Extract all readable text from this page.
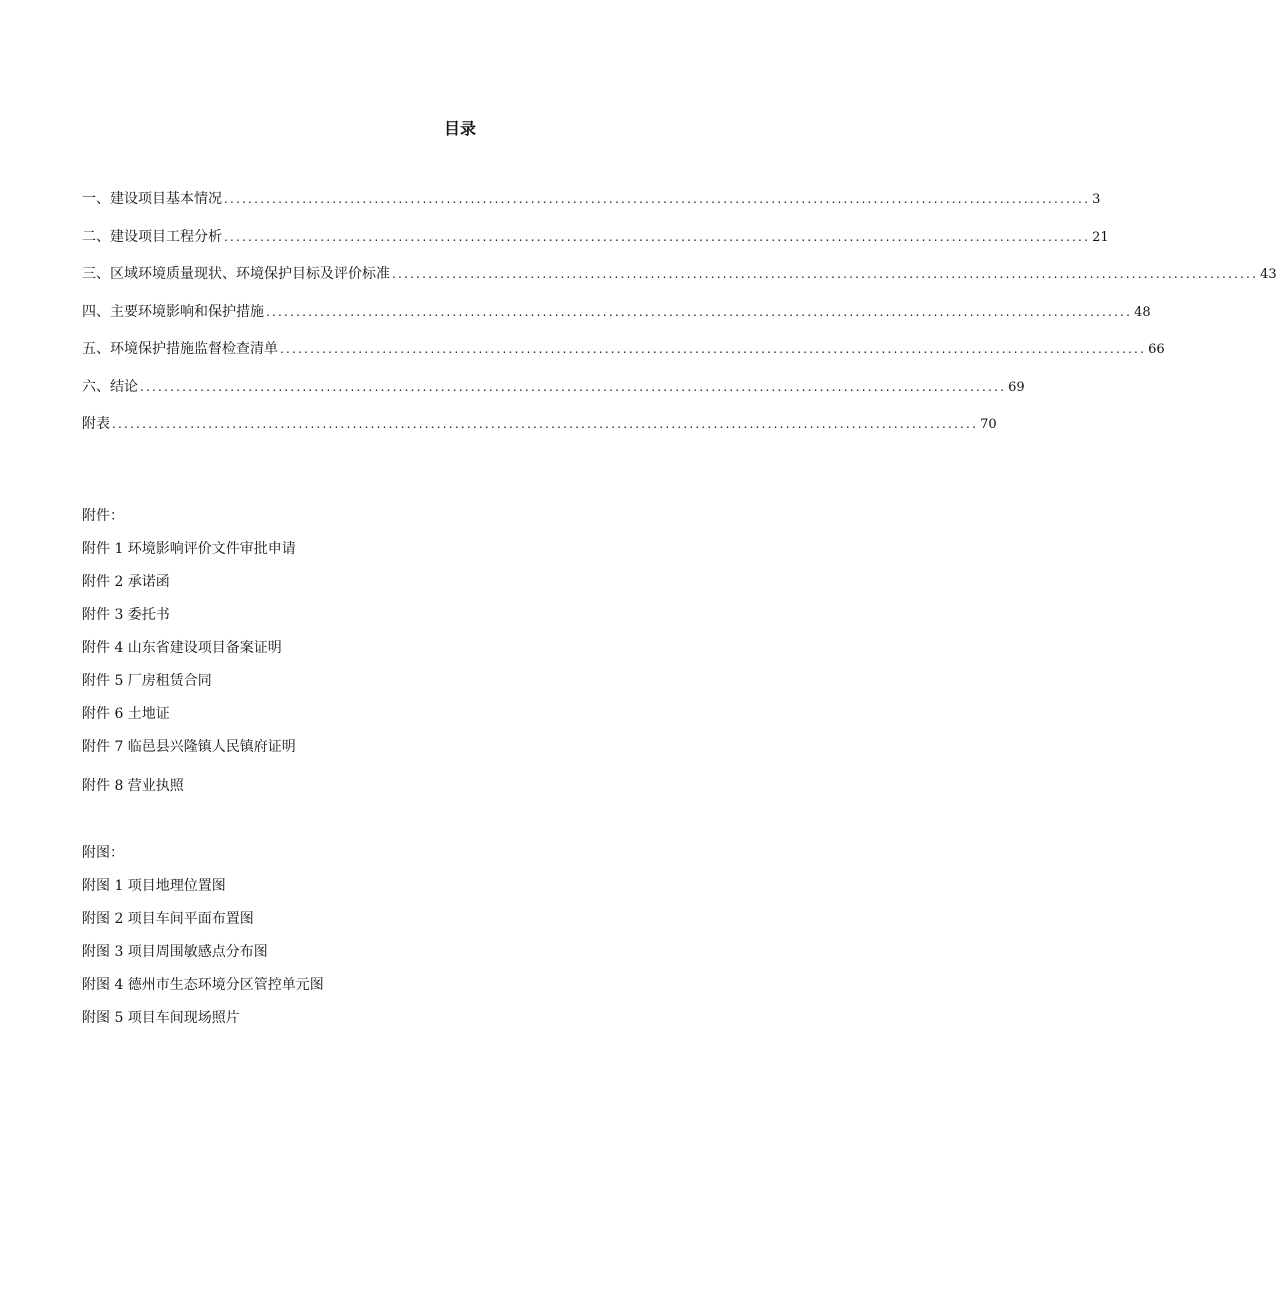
目录
一、建设项目基本情况 ................................................................................................................................................ 3
二、建设项目工程分析 ................................................................................................................................................ 21
三、区域环境质量现状、环境保护目标及评价标准 ................................................................................................................................................ 43
四、主要环境影响和保护措施 ................................................................................................................................................ 48
五、环境保护措施监督检查清单 ................................................................................................................................................ 66
六、结论 ................................................................................................................................................ 69
附表 ................................................................................................................................................ 70
附件：
附件 1 环境影响评价文件审批申请
附件 2 承诺函
附件 3 委托书
附件 4 山东省建设项目备案证明
附件 5 厂房租赁合同
附件 6 土地证
附件 7 临邑县兴隆镇人民镇府证明
附件 8 营业执照
附图：
附图 1 项目地理位置图
附图 2 项目车间平面布置图
附图 3 项目周围敏感点分布图
附图 4 德州市生态环境分区管控单元图
附图 5 项目车间现场照片
